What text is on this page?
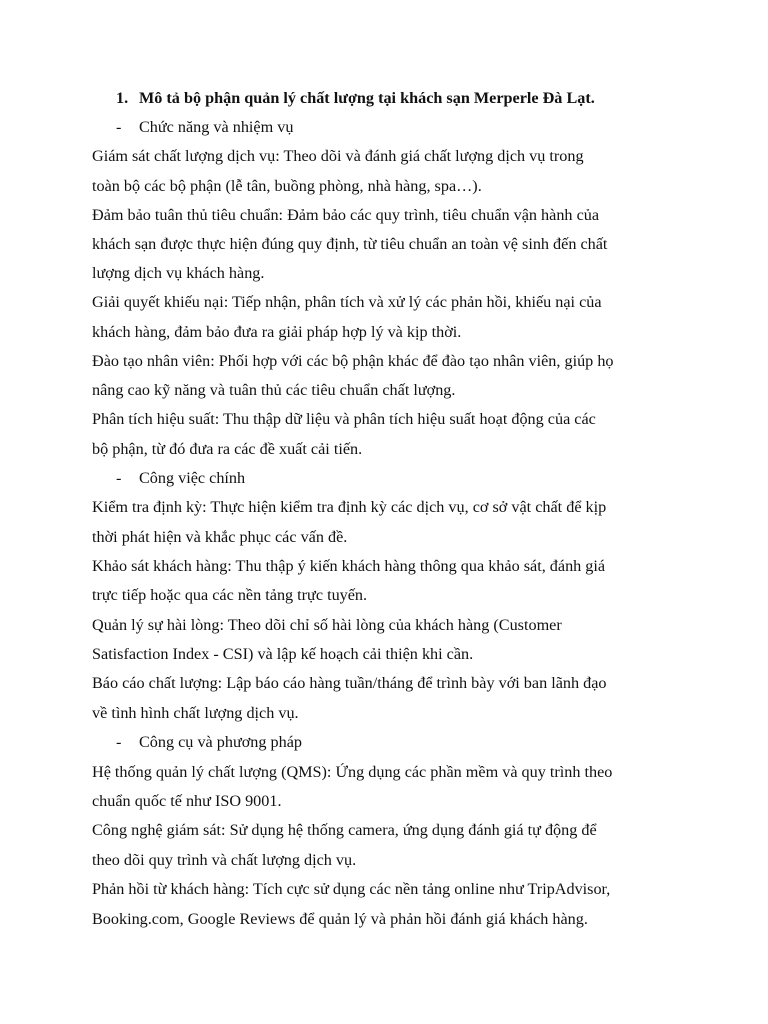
1. Mô tả bộ phận quản lý chất lượng tại khách sạn Merperle Đà Lạt.
- Chức năng và nhiệm vụ
Giám sát chất lượng dịch vụ: Theo dõi và đánh giá chất lượng dịch vụ trong
toàn bộ các bộ phận (lễ tân, buồng phòng, nhà hàng, spa…).
Đảm bảo tuân thủ tiêu chuẩn: Đảm bảo các quy trình, tiêu chuẩn vận hành của
khách sạn được thực hiện đúng quy định, từ tiêu chuẩn an toàn vệ sinh đến chất
lượng dịch vụ khách hàng.
Giải quyết khiếu nại: Tiếp nhận, phân tích và xử lý các phản hồi, khiếu nại của
khách hàng, đảm bảo đưa ra giải pháp hợp lý và kịp thời.
Đào tạo nhân viên: Phối hợp với các bộ phận khác để đào tạo nhân viên, giúp họ
nâng cao kỹ năng và tuân thủ các tiêu chuẩn chất lượng.
Phân tích hiệu suất: Thu thập dữ liệu và phân tích hiệu suất hoạt động của các
bộ phận, từ đó đưa ra các đề xuất cải tiến.
- Công việc chính
Kiểm tra định kỳ: Thực hiện kiểm tra định kỳ các dịch vụ, cơ sở vật chất để kịp
thời phát hiện và khắc phục các vấn đề.
Khảo sát khách hàng: Thu thập ý kiến khách hàng thông qua khảo sát, đánh giá
trực tiếp hoặc qua các nền tảng trực tuyến.
Quản lý sự hài lòng: Theo dõi chỉ số hài lòng của khách hàng (Customer
Satisfaction Index - CSI) và lập kế hoạch cải thiện khi cần.
Báo cáo chất lượng: Lập báo cáo hàng tuần/tháng để trình bày với ban lãnh đạo
về tình hình chất lượng dịch vụ.
- Công cụ và phương pháp
Hệ thống quản lý chất lượng (QMS): Ứng dụng các phần mềm và quy trình theo
chuẩn quốc tế như ISO 9001.
Công nghệ giám sát: Sử dụng hệ thống camera, ứng dụng đánh giá tự động để
theo dõi quy trình và chất lượng dịch vụ.
Phản hồi từ khách hàng: Tích cực sử dụng các nền tảng online như TripAdvisor,
Booking.com, Google Reviews để quản lý và phản hồi đánh giá khách hàng.
